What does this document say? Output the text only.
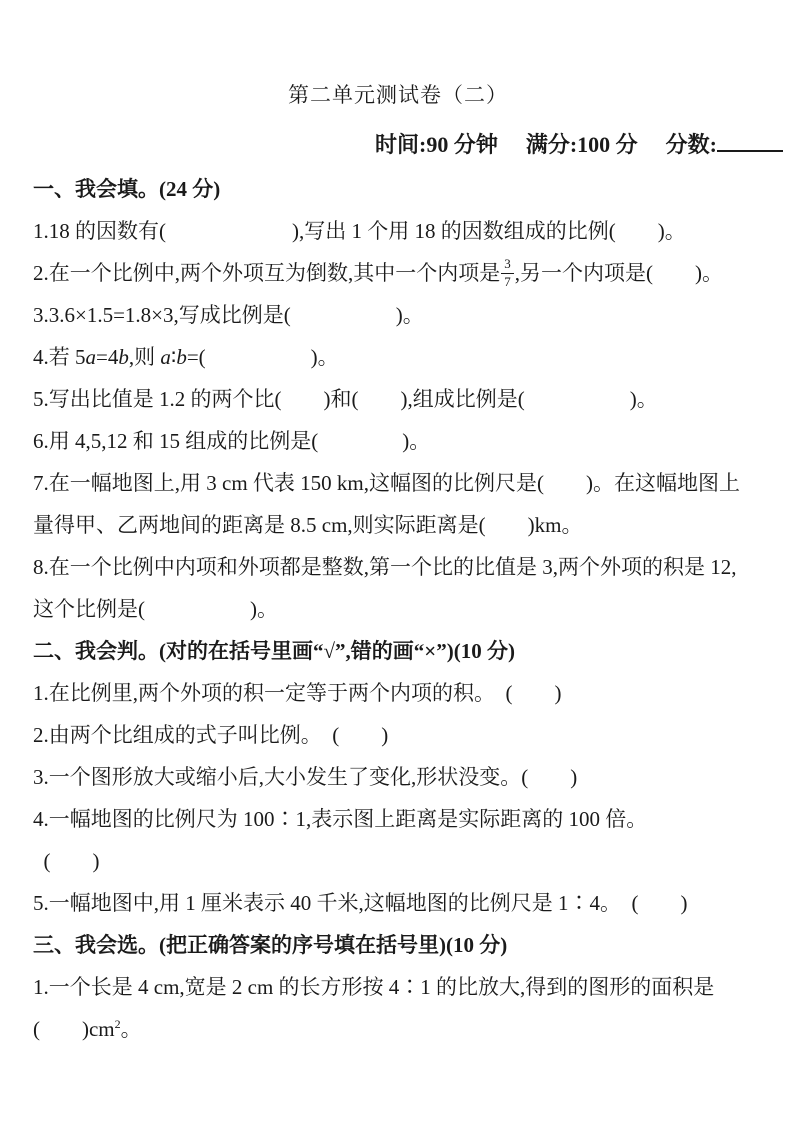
第二单元测试卷（二）
时间:90 分钟 满分:100 分 分数:
一、我会填。(24 分)
1.18 的因数有(　　　　　　),写出 1 个用 18 的因数组成的比例(　　)。
2.在一个比例中,两个外项互为倒数,其中一个内项是 $\frac{3}{7}$ ,另一个内项是(　　)。
3.3.6×1.5=1.8×3,写成比例是(　　　　　)。
4.若 5a=4b,则 a∶b=(　　　　　)。
5.写出比值是 1.2 的两个比(　　)和(　　),组成比例是(　　　　　)。
6.用 4,5,12 和 15 组成的比例是(　　　　)。
7.在一幅地图上,用 3 cm 代表 150 km,这幅图的比例尺是(　　)。在这幅地图上
量得甲、乙两地间的距离是 8.5 cm,则实际距离是(　　)km。
8.在一个比例中内项和外项都是整数,第一个比的比值是 3,两个外项的积是 12,
这个比例是(　　　　　)。
二、我会判。(对的在括号里画“√”,错的画“×”)(10 分)
1.在比例里,两个外项的积一定等于两个内项的积。　(　　)
2.由两个比组成的式子叫比例。　(　　)
3.一个图形放大或缩小后,大小发生了变化,形状没变。(　　)
4.一幅地图的比例尺为 100∶1,表示图上距离是实际距离的 100 倍。
(　　)
5.一幅地图中,用 1 厘米表示 40 千米,这幅地图的比例尺是 1∶4。　(　　)
三、我会选。(把正确答案的序号填在括号里)(10 分)
1.一个长是 4 cm,宽是 2 cm 的长方形按 4∶1 的比放大,得到的图形的面积是
(　　)$cm^2$。
